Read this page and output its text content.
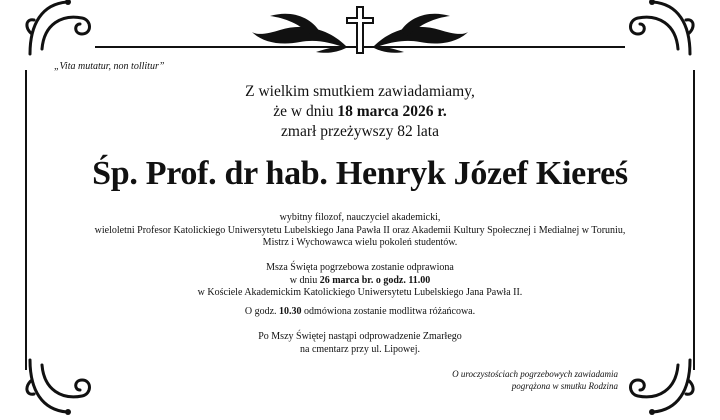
„Vita mutatur, non tollitur”
Z wielkim smutkiem zawiadamiamy,
że w dniu 18 marca 2026 r.
zmarł przeżywszy 82 lata
Śp. Prof. dr hab. Henryk Józef Kiereś
wybitny filozof, nauczyciel akademicki,
wieloletni Profesor Katolickiego Uniwersytetu Lubelskiego Jana Pawła II oraz Akademii Kultury Społecznej i Medialnej w Toruniu,
Mistrz i Wychowawca wielu pokoleń studentów.
Msza Święta pogrzebowa zostanie odprawiona
w dniu 26 marca br. o godz. 11.00
w Kościele Akademickim Katolickiego Uniwersytetu Lubelskiego Jana Pawła II.
O godz. 10.30 odmówiona zostanie modlitwa różańcowa.
Po Mszy Świętej nastąpi odprowadzenie Zmarłego
na cmentarz przy ul. Lipowej.
O uroczystościach pogrzebowych zawiadamia
pogrążona w smutku Rodzina
